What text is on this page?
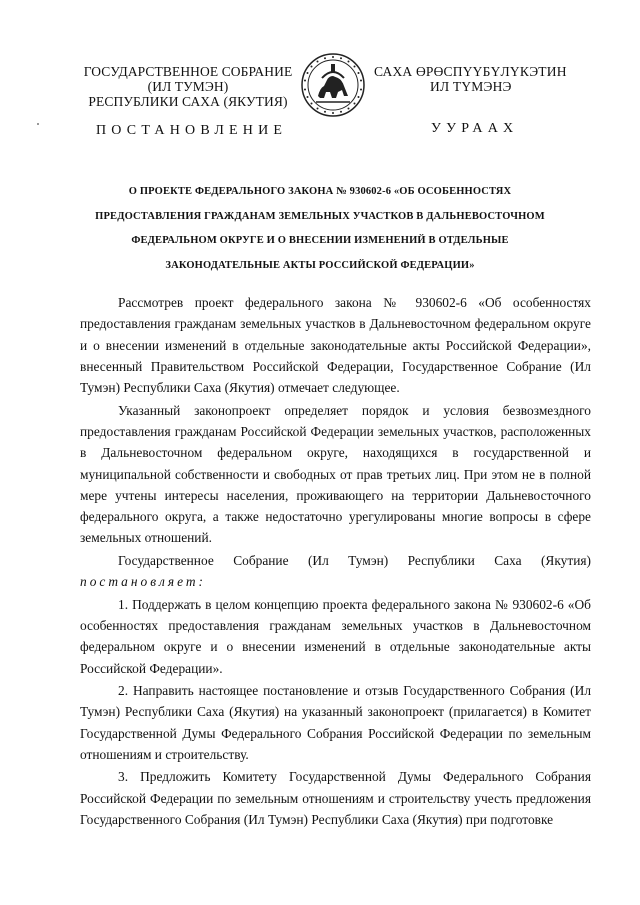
ГОСУДАРСТВЕННОЕ СОБРАНИЕ
(ИЛ ТУМЭН)
РЕСПУБЛИКИ САХА (ЯКУТИЯ)
САХА ӨРӨСПҮҮБҮЛҮКЭТИН
ИЛ ТҮМЭНЭ
ПОСТАНОВЛЕНИЕ	УУРААХ
О ПРОЕКТЕ ФЕДЕРАЛЬНОГО ЗАКОНА № 930602-6 «ОБ ОСОБЕННОСТЯХ
ПРЕДОСТАВЛЕНИЯ ГРАЖДАНАМ ЗЕМЕЛЬНЫХ УЧАСТКОВ В ДАЛЬНЕВОСТОЧНОМ
ФЕДЕРАЛЬНОМ ОКРУГЕ И О ВНЕСЕНИИ ИЗМЕНЕНИЙ В ОТДЕЛЬНЫЕ
ЗАКОНОДАТЕЛЬНЫЕ АКТЫ РОССИЙСКОЙ ФЕДЕРАЦИИ»

Рассмотрев проект федерального закона № 930602-6 «Об особенностях предоставления гражданам земельных участков в Дальневосточном федеральном округе и о внесении изменений в отдельные законодательные акты Российской Федерации», внесенный Правительством Российской Федерации, Государственное Собрание (Ил Тумэн) Республики Саха (Якутия) отмечает следующее.

Указанный законопроект определяет порядок и условия безвозмездного предоставления гражданам Российской Федерации земельных участков, расположенных в Дальневосточном федеральном округе, находящихся в государственной и муниципальной собственности и свободных от прав третьих лиц. При этом не в полной мере учтены интересы населения, проживающего на территории Дальневосточного федерального округа, а также недостаточно урегулированы многие вопросы в сфере земельных отношений.

Государственное Собрание (Ил Тумэн) Республики Саха (Якутия) постановляет:

1. Поддержать в целом концепцию проекта федерального закона № 930602-6 «Об особенностях предоставления гражданам земельных участков в Дальневосточном федеральном округе и о внесении изменений в отдельные законодательные акты Российской Федерации».

2. Направить настоящее постановление и отзыв Государственного Собрания (Ил Тумэн) Республики Саха (Якутия) на указанный законопроект (прилагается) в Комитет Государственной Думы Федерального Собрания Российской Федерации по земельным отношениям и строительству.

3. Предложить Комитету Государственной Думы Федерального Собрания Российской Федерации по земельным отношениям и строительству учесть предложения Государственного Собрания (Ил Тумэн) Республики Саха (Якутия) при подготовке
